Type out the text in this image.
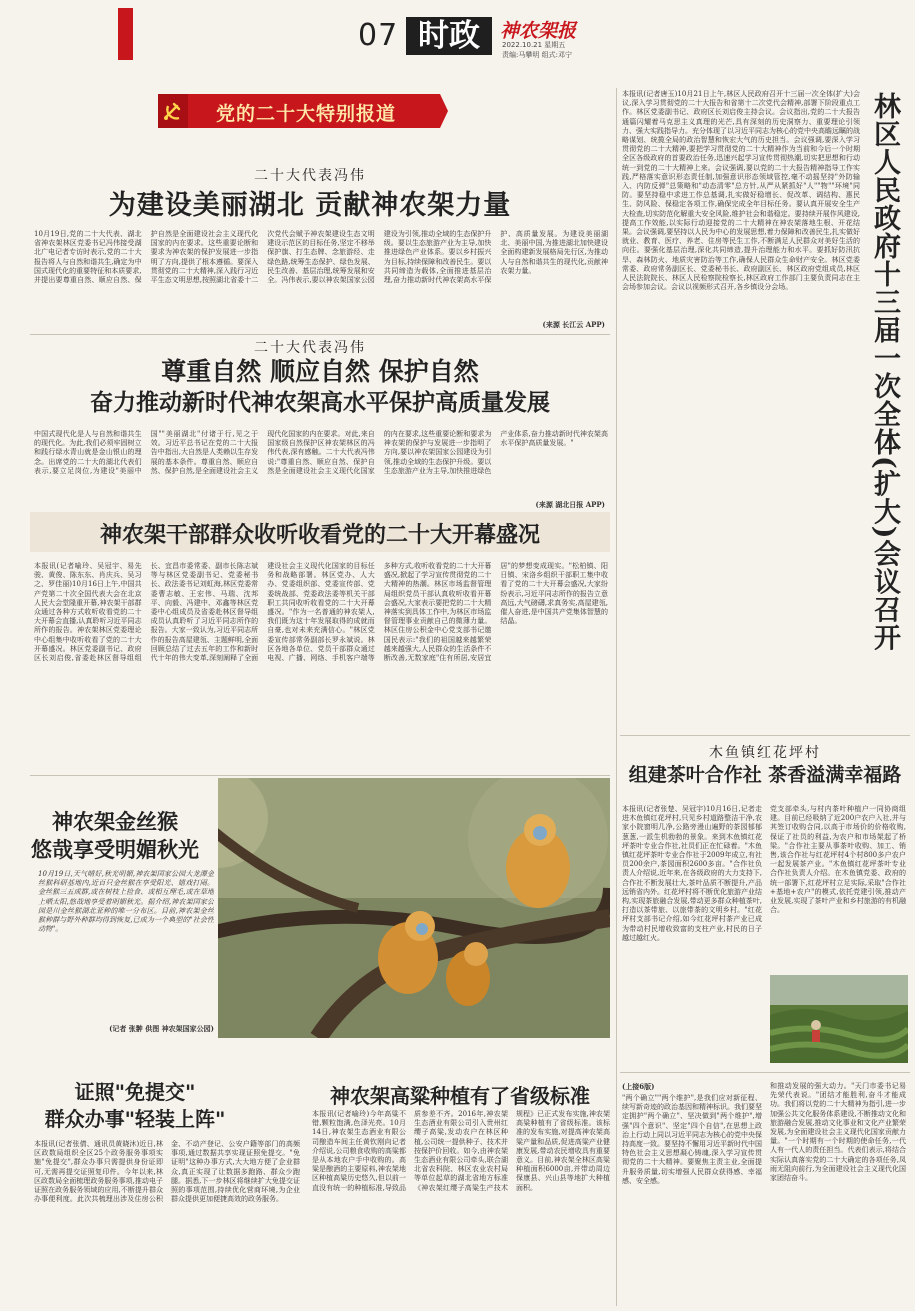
07 时政	神农架报
2022.10.21 星期五
责编:马攀明 组式:邓宁
党的二十大特别报道
二十大代表冯伟
为建设美丽湖北 贡献神农架力量
10月19日,党的二十大代表、湖北省神农架林区党委书记冯伟接受湖北广电记者专访时表示,党的二十大报告将人与自然和谐共生,确定为中国式现代化的重要特征和本质要求,并提出要尊重自然、顺应自然、保护自然是全面建设社会主义现代化国家的内在要求。这些重要论断和要求为神农架的保护发展进一步指明了方向,提供了根本遵循。要深入贯彻党的二十大精神,深入践行习近平生态文明思想,按照湖北省委十二次党代会赋予神农架建设生态文明建设示范区的目标任务,坚定不移举保护旗、打生态牌、念旅游经、走绿色路,统筹生态保护、绿色发展、民生改善、基层治理,统筹发展和安全。冯伟表示,要以神农架国家公园建设为引领,推动全域的生态保护升级。要以生态旅游产业为主导,加快推进绿色产业体系。要以乡村振兴为目标,持续保障和改善民生。要以共同缔造为载体,全面推进基层治理,奋力推动新时代神农架高水平保护、高质量发展。为建设美丽湖北、美丽中国,为推进湖北加快建设全面构建新发展格局先行区,为推动人与自然和谐共生的现代化,贡献神农架力量。
(来源 长江云 APP)
二十大代表冯伟
尊重自然 顺应自然 保护自然
奋力推动新时代神农架高水平保护高质量发展
中国式现代化是人与自然和谐共生的现代化。为此,我们必须牢固树立和践行绿水青山就是金山银山的理念。出席党的二十大的湖北代表们表示,要立足岗位,为建设"美丽中国""美丽湖北"付诸于行,见之于效。习近平总书记在党的二十大报告中指出,大自然是人类赖以生存发展的基本条件。尊重自然、顺应自然、保护自然,是全面建设社会主义现代化国家的内在要求。对此,来自国家级自然保护区神农架林区的冯伟代表,深有感触。二十大代表冯伟说:"尊重自然、顺应自然、保护自然是全面建设社会主义现代化国家的内在要求,这些重要论断和要求为神农架的保护与发展进一步指明了方向,要以神农架国家公园建设为引领,推动全域的生态保护升级。要以生态旅游产业为主导,加快推进绿色产业体系,奋力推动新时代神农架高水平保护高质量发展。"
(来源 湖北日报 APP)
神农架干部群众收听收看党的二十大开幕盛况
本报讯(记者喻玲、吴冠宇、易先骏、黄俊、陈东东、肖庆兵、吴习之、罗佳丽)10月16日上午,中国共产党第二十次全国代表大会在北京人民大会堂隆重开幕,神农架干部群众通过各种方式收听收看党的二十大开幕会直播,认真聆听习近平同志所作的报告。神农架林区党委理论中心组集中收听收看了党的二十大开幕盛况。林区党委副书记、政府区长刘启俊,省委赴林区督导组组长、宜昌市委常委、副市长陈志斌等与林区党委副书记、党委秘书长、政法委书记刘虹海,林区党委常委曹志敏、王宏伟、马瑞、沈邦平、向毅、冯建中、邓鑫等林区党委中心组成员及省委赴林区督导组成员认真聆听了习近平同志所作的报告。大家一致认为,习近平同志所作的报告高屋建瓴、主题鲜明,全面回顾总结了过去五年的工作和新时代十年的伟大变革,深刻阐释了全面建设社会主义现代化国家的目标任务和战略部署。林区党办、人大办、党委组织部、党委宣传部、党委统战部、党委政法委等机关干部职工共同收听收看党的二十大开幕盛况。"作为一名普通的神农架人,我们既为这十年发展取得的成就而自豪,也对未来充满信心。"林区党委宣传部常务副部长罗永斌说。林区各地各单位、党员干部群众通过电视、广播、网络、手机客户端等多种方式,收听收看党的二十大开幕盛况,掀起了学习宣传贯彻党的二十大精神的热潮。林区市场监督管理局组织党员干部认真收听收看开幕会盛况,大家表示要把党的二十大精神落实到具体工作中,为林区市场监督管理事业贡献自己的微薄力量。林区住房公积金中心党支部书记邀国民表示:"我们的祖国越来越繁荣越来越强大,人民群众的生活条件不断改善,无数家庭"住有所居,安居宜居"的梦想变成现实。"松柏镇、阳日镇、宋洛乡组织干部职工集中收看了党的二十大开幕会盛况,大家纷纷表示,习近平同志所作的报告立意高远,大气磅礴,求真务实,高屋建瓴,催人奋进,是中国共产党集体智慧的结晶。
神农架金丝猴
悠哉享受明媚秋光
10月19日,天气晴好,秋光明媚,神农架国家公园大龙潭金丝猴科研基地内,近百只金丝猴在享受阳光、嬉戏打闹。金丝猴三五成群,或在树枝上捡食、或相互理毛,或在草地上晒太阳,悠哉地享受着明媚秋光。据介绍,神农架国家公园是川金丝猴湖北亚种的唯一分布区。目前,神农架金丝猴种群与野外种群均得到恢复,已成为一个典型的"社会性动物"。
(记者 张翀 供图 神农架国家公园)
证照"免提交"
群众办事"轻装上阵"
本报讯(记者张倩、通讯员黄晓沐)近日,林区政数局组织全区25个政务服务事项实施"免提交",群众办事只需提供身份证即可,无需再提交证照复印件。今年以来,林区政数局全面梳理政务服务事项,推动电子证照在政务服务领域的应用,不断提升群众办事便利度。此次共梳理出涉及住房公积金、不动产登记、公安户籍等部门的高频事项,通过数据共享实现证照免提交。"免证明"这种办事方式,大大地方便了企业群众,真正实现了让数据多跑路、群众少跑腿。据悉,下一步林区将继续扩大免提交证照的事项范围,持续优化营商环境,为企业群众提供更加便捷高效的政务服务。
神农架高粱种植有了省级标准
本报讯(记者喻玲)今年高粱不错,颗粒饱满,色泽光亮。10月14日,神农架生态酒业有限公司酿造车间主任黄钦刚向记者介绍说,公司粮食收购的高粱都是从本地农户手中收购的。高粱是酿酒的主要原料,神农架地区种植高粱历史悠久,但以前一直没有统一的种植标准,导致品质参差不齐。2016年,神农架生态酒业有限公司引入贵州红缨子高粱,发动农户在林区种植,公司统一提供种子、技术并按保护价回收。如今,由神农架生态酒业有限公司牵头,联合湖北省农科院、林区农业农村局等单位起草的湖北省地方标准《神农架红缨子高粱生产技术规程》已正式发布实施,神农架高粱种植有了省级标准。该标准的发布实施,对提高神农架高粱产量和品质,促进高粱产业健康发展,带动农民增收具有重要意义。目前,神农架全林区高粱种植面积6000亩,并带动周边保康县、兴山县等地扩大种植面积。
本报讯(记者唐玉)10月21日上午,林区人民政府召开十三届一次全体(扩大)会议,深入学习贯彻党的二十大报告和省第十二次党代会精神,部署下阶段重点工作。林区党委副书记、政府区长刘启俊主持会议。会议指出,党的二十大报告通篇闪耀着马克思主义真理的光芒,具有深刻的历史洞察力、重要理论引领力、强大实践指导力。充分体现了以习近平同志为核心的党中央高瞻远瞩的战略谋划、统揽全局的政治智慧和恢宏大气的历史担当。会议强调,要深入学习贯彻党的二十大精神,要把学习贯彻党的二十大精神作为当前和今后一个时期全区各级政府的首要政治任务,迅速兴起学习宣传贯彻热潮,切实把思想和行动统一到党的二十大精神上来。会议强调,要以党的二十大报告精神指导工作实践,严格落实意识形态责任制,加强意识形态领域管控,毫不动摇坚持"外防输入、内防反弹"总策略和"动态清零"总方针,从严从紧抓好"人""物""环境"同防。要坚持稳中求进工作总基调,扎实做好稳增长、促改革、调结构、惠民生、防风险、保稳定各项工作,确保完成全年目标任务。要认真开展安全生产大检查,切实防范化解重大安全风险,维护社会和谐稳定。要持续开展作风建设,提高工作效能,以实际行动迎接党的二十大精神在神农架落地生根、开花结果。会议强调,要坚持以人民为中心的发展思想,着力保障和改善民生,扎实做好就业、教育、医疗、养老、住房等民生工作,不断满足人民群众对美好生活的向往。要强化基层治理,深化共同缔造,提升治理能力和水平。要抓好防汛抗旱、森林防火、地质灾害防治等工作,确保人民群众生命财产安全。林区党委常委、政府常务副区长、党委秘书长、政府副区长、林区政府党组成员,林区人民法院院长、林区人民检察院检察长,林区政府工作部门主要负责同志在主会场参加会议。会议以视频形式召开,各乡镇设分会场。	林区人民政府十三届一次全体(扩大)会议召开
木鱼镇红花坪村
组建茶叶合作社 茶香溢满幸福路
本报讯(记者张楚、吴冠宇)10月16日,记者走进木鱼镇红花坪村,只见乡村道路整洁干净,农家小院窗明几净,公路旁漫山遍野的茶园郁郁葱葱,一派生机勃勃的景象。来到木鱼镇红花坪茶叶专业合作社,社员们正在忙碌着。"木鱼镇红花坪茶叶专业合作社于2009年成立,有社员200余户,茶园面积2600多亩。"合作社负责人介绍说,近年来,在各级政府的大力支持下,合作社不断发展壮大,茶叶品质不断提升,产品远销省内外。红花坪村将不断优化旅游产业结构,实现茶旅融合发展,带动更多群众种植茶叶,打造以茶带旅、以旅带茶的文明乡村。"红花坪村支部书记介绍,如今红花坪村茶产业已成为带动村民增收致富的支柱产业,村民的日子越过越红火。
党支部牵头,与村内茶叶种植户一同协商组建。目前已经吸纳了近200户农户入社,并与其签订收购合同,以高于市场价的价格收购,保证了社员的利益,为农户和市场架起了桥梁。"合作社主要从事茶叶收购、加工、销售,该合作社与红花坪村4个村800多户农户一起发展茶产业。"木鱼镇红花坪茶叶专业合作社负责人介绍。在木鱼镇党委、政府的统一部署下,红花坪村立足实际,采取"合作社+基地+农户"的模式,依托党建引领,推动产业发展,实现了茶叶产业和乡村旅游的有机融合。
(上接6版)
"两个确立""两个维护",是我们应对新征程、续写新奇迹的政治基因和精神标识。我们要坚定拥护"两个确立"、坚决做到"两个维护",增强"四个意识"、坚定"四个自信",在思想上政治上行动上同以习近平同志为核心的党中央保持高度一致。要坚持不懈用习近平新时代中国特色社会主义思想凝心铸魂,深入学习宣传贯彻党的二十大精神。要聚焦主责主业,全面提升服务质量,切实增强人民群众获得感、幸福感、安全感。
和推动发展的强大动力。"天门市委书记易先荣代表说。"团结才能胜利,奋斗才能成功。我们将以党的二十大精神为指引,进一步加强公共文化服务体系建设,不断推动文化和旅游融合发展,推动文化事业和文化产业繁荣发展,为全面建设社会主义现代化国家贡献力量。"一个时期有一个时期的使命任务,一代人有一代人的责任担当。代表们表示,将结合实际认真落实党的二十大确定的各项任务,凤雨无阻向前行,为全面建设社会主义现代化国家团结奋斗。
